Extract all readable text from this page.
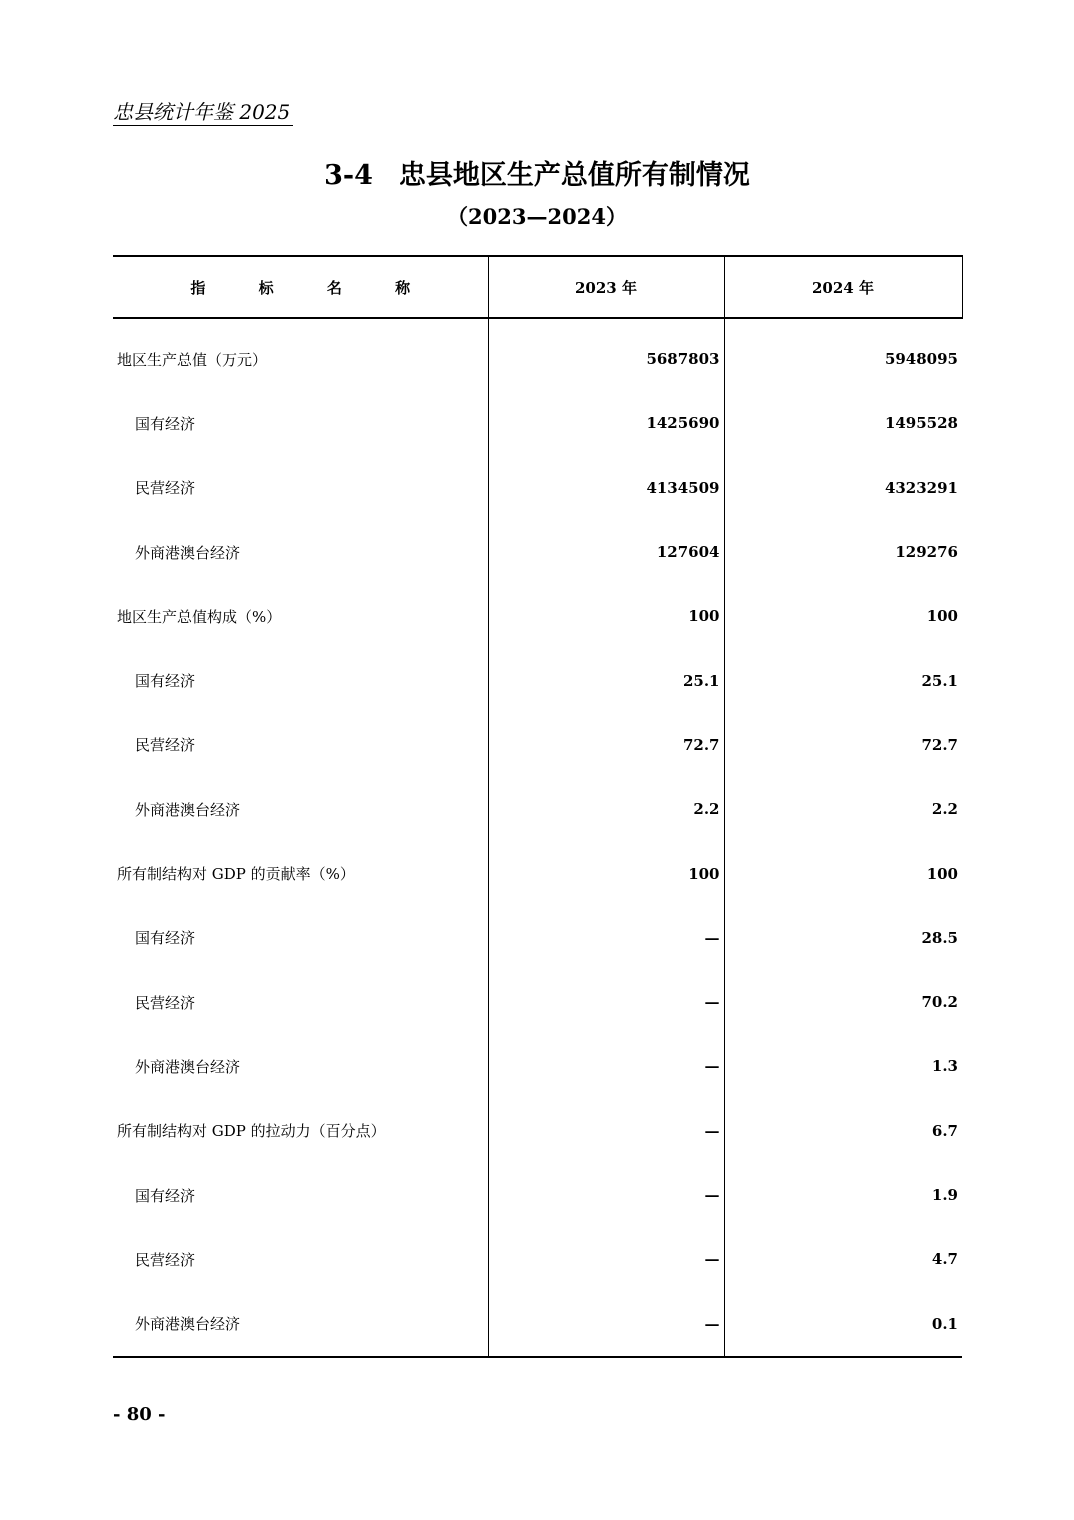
忠县统计年鉴 2025
3-4 忠县地区生产总值所有制情况
（2023—2024）
指 标 名 称	2023 年	2024 年
地区生产总值（万元）	5687803	5948095
国有经济	1425690	1495528
民营经济	4134509	4323291
外商港澳台经济	127604	129276
地区生产总值构成（%）	100	100
国有经济	25.1	25.1
民营经济	72.7	72.7
外商港澳台经济	2.2	2.2
所有制结构对 GDP 的贡献率（%）	100	100
国有经济	—	28.5
民营经济	—	70.2
外商港澳台经济	—	1.3
所有制结构对 GDP 的拉动力（百分点）	—	6.7
国有经济	—	1.9
民营经济	—	4.7
外商港澳台经济	—	0.1
- 80 -
